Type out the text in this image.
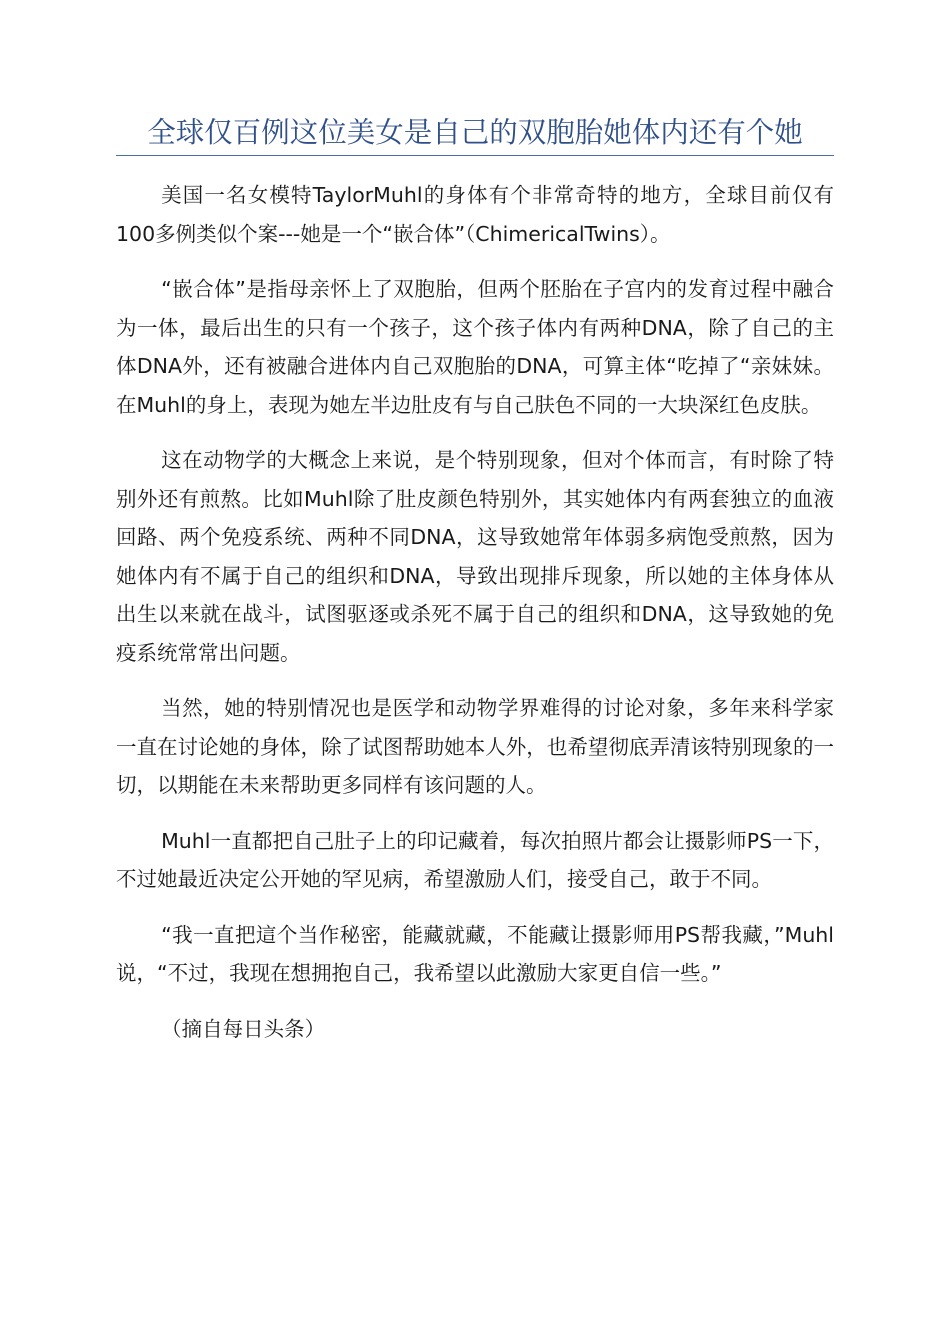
全球仅百例这位美女是自己的双胞胎她体内还有个她

美国一名女模特TaylorMuhl的身体有个非常奇特的地方，全球目前仅有100多例类似个案---她是一个“嵌合体”（ChimericalTwins）。

“嵌合体”是指母亲怀上了双胞胎，但两个胚胎在子宫内的发育过程中融合为一体，最后出生的只有一个孩子，这个孩子体内有两种DNA，除了自己的主体DNA外，还有被融合进体内自己双胞胎的DNA，可算主体“吃掉了“亲妹妹。在Muhl的身上，表现为她左半边肚皮有与自己肤色不同的一大块深红色皮肤。

这在动物学的大概念上来说，是个特别现象，但对个体而言，有时除了特别外还有煎熬。比如Muhl除了肚皮颜色特别外，其实她体内有两套独立的血液回路、两个免疫系统、两种不同DNA，这导致她常年体弱多病饱受煎熬，因为她体内有不属于自己的组织和DNA，导致出现排斥现象，所以她的主体身体从出生以来就在战斗，试图驱逐或杀死不属于自己的组织和DNA，这导致她的免疫系统常常出问题。

当然，她的特别情况也是医学和动物学界难得的讨论对象，多年来科学家一直在讨论她的身体，除了试图帮助她本人外，也希望彻底弄清该特别现象的一切，以期能在未来帮助更多同样有该问题的人。

Muhl一直都把自己肚子上的印记藏着，每次拍照片都会让摄影师PS一下，不过她最近决定公开她的罕见病，希望激励人们，接受自己，敢于不同。

“我一直把這个当作秘密，能藏就藏，不能藏让摄影师用PS帮我藏，”Muhl说，“不过，我现在想拥抱自己，我希望以此激励大家更自信一些。”

（摘自每日头条）
